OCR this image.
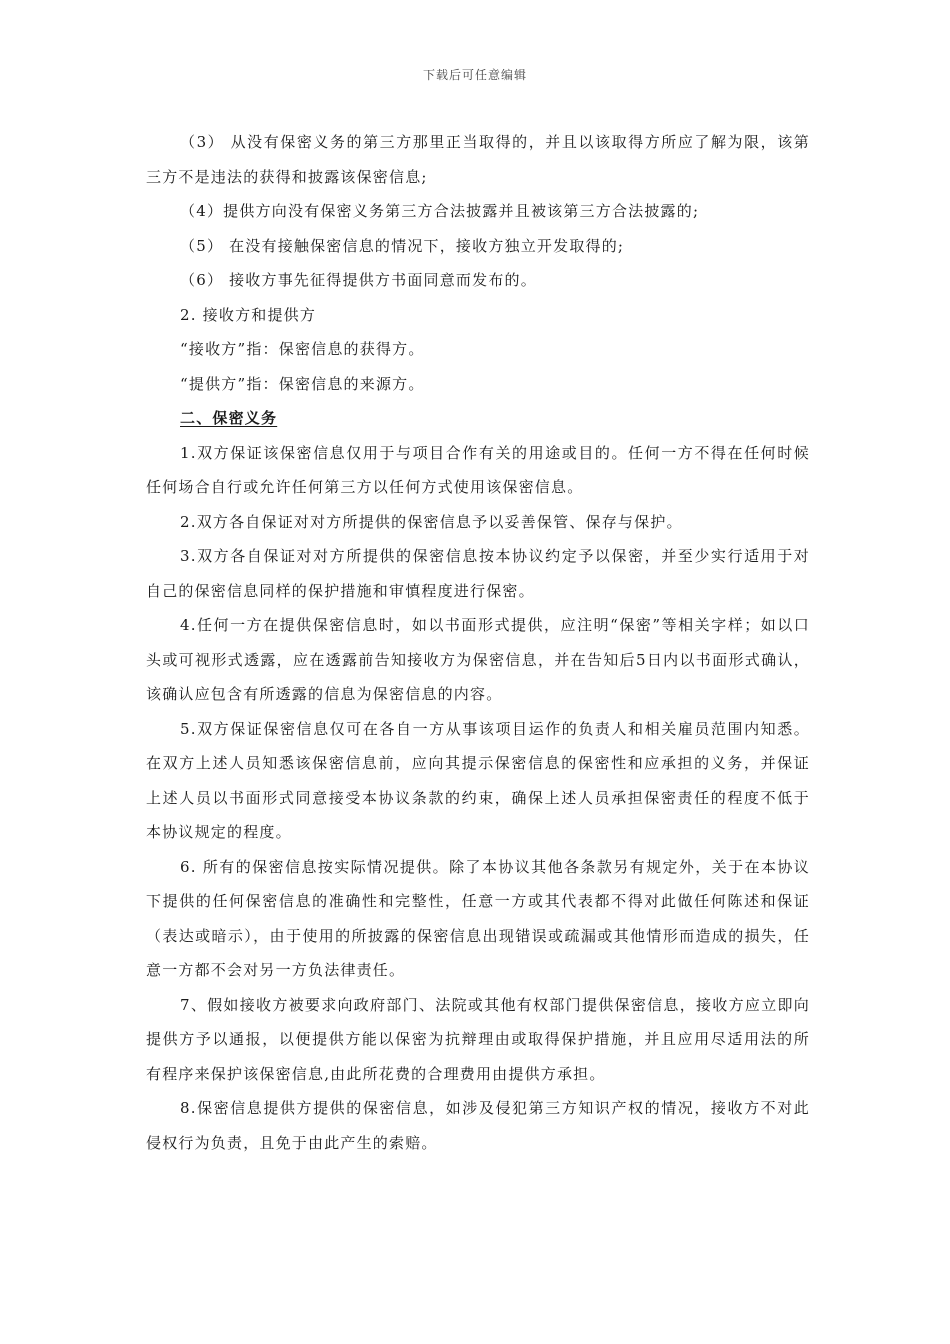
下载后可任意编辑

（3） 从没有保密义务的第三方那里正当取得的，并且以该取得方所应了解为限，该第三方不是违法的获得和披露该保密信息;

（4）提供方向没有保密义务第三方合法披露并且被该第三方合法披露的;

（5） 在没有接触保密信息的情况下，接收方独立开发取得的;

（6） 接收方事先征得提供方书面同意而发布的。

2. 接收方和提供方

“接收方”指：保密信息的获得方。

“提供方”指：保密信息的来源方。

二、保密义务

1.双方保证该保密信息仅用于与项目合作有关的用途或目的。任何一方不得在任何时候任何场合自行或允许任何第三方以任何方式使用该保密信息。

2.双方各自保证对对方所提供的保密信息予以妥善保管、保存与保护。

3.双方各自保证对对方所提供的保密信息按本协议约定予以保密，并至少实行适用于对自己的保密信息同样的保护措施和审慎程度进行保密。

4.任何一方在提供保密信息时，如以书面形式提供，应注明“保密”等相关字样；如以口头或可视形式透露，应在透露前告知接收方为保密信息，并在告知后5日内以书面形式确认，该确认应包含有所透露的信息为保密信息的内容。

5.双方保证保密信息仅可在各自一方从事该项目运作的负责人和相关雇员范围内知悉。在双方上述人员知悉该保密信息前，应向其提示保密信息的保密性和应承担的义务，并保证上述人员以书面形式同意接受本协议条款的约束，确保上述人员承担保密责任的程度不低于本协议规定的程度。

6. 所有的保密信息按实际情况提供。除了本协议其他各条款另有规定外，关于在本协议下提供的任何保密信息的准确性和完整性，任意一方或其代表都不得对此做任何陈述和保证（表达或暗示），由于使用的所披露的保密信息出现错误或疏漏或其他情形而造成的损失，任意一方都不会对另一方负法律责任。

7、假如接收方被要求向政府部门、法院或其他有权部门提供保密信息，接收方应立即向提供方予以通报，以便提供方能以保密为抗辩理由或取得保护措施，并且应用尽适用法的所有程序来保护该保密信息,由此所花费的合理费用由提供方承担。

8.保密信息提供方提供的保密信息，如涉及侵犯第三方知识产权的情况，接收方不对此侵权行为负责，且免于由此产生的索赔。
